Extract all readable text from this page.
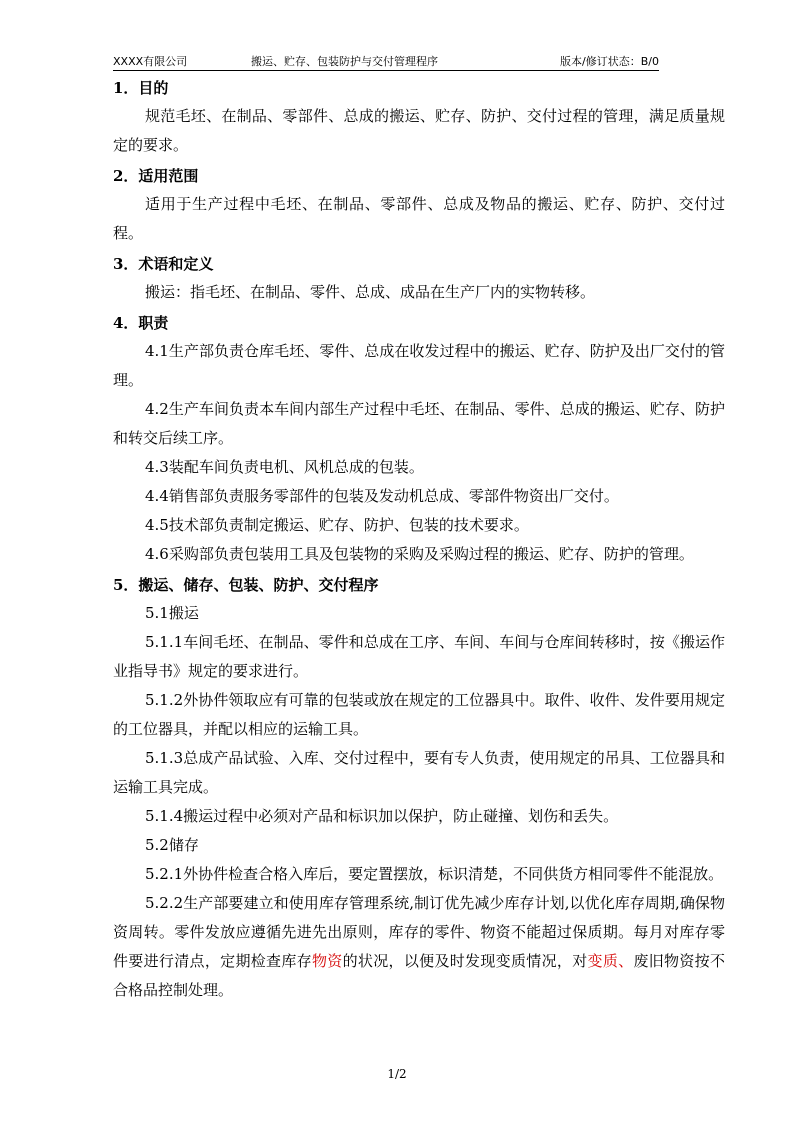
XXXX有限公司	搬运、贮存、包装防护与交付管理程序	版本/修订状态：B/0
1．目的

规范毛坯、在制品、零部件、总成的搬运、贮存、防护、交付过程的管理，满足质量规定的要求。

2．适用范围

适用于生产过程中毛坯、在制品、零部件、总成及物品的搬运、贮存、防护、交付过程。

3．术语和定义

搬运：指毛坯、在制品、零件、总成、成品在生产厂内的实物转移。

4．职责

4.1生产部负责仓库毛坯、零件、总成在收发过程中的搬运、贮存、防护及出厂交付的管理。

4.2生产车间负责本车间内部生产过程中毛坯、在制品、零件、总成的搬运、贮存、防护和转交后续工序。

4.3装配车间负责电机、风机总成的包装。

4.4销售部负责服务零部件的包装及发动机总成、零部件物资出厂交付。

4.5技术部负责制定搬运、贮存、防护、包装的技术要求。

4.6采购部负责包装用工具及包装物的采购及采购过程的搬运、贮存、防护的管理。

5．搬运、储存、包装、防护、交付程序

5.1搬运

5.1.1车间毛坯、在制品、零件和总成在工序、车间、车间与仓库间转移时，按《搬运作业指导书》规定的要求进行。

5.1.2外协件领取应有可靠的包装或放在规定的工位器具中。取件、收件、发件要用规定的工位器具，并配以相应的运输工具。

5.1.3总成产品试验、入库、交付过程中，要有专人负责，使用规定的吊具、工位器具和运输工具完成。

5.1.4搬运过程中必须对产品和标识加以保护，防止碰撞、划伤和丢失。

5.2储存

5.2.1外协件检查合格入库后，要定置摆放，标识清楚，不同供货方相同零件不能混放。

5.2.2生产部要建立和使用库存管理系统,制订优先减少库存计划,以优化库存周期,确保物资周转。零件发放应遵循先进先出原则，库存的零件、物资不能超过保质期。每月对库存零件要进行清点，定期检查库存物资的状况，以便及时发现变质情况，对变质、废旧物资按不合格品控制处理。

1/2
